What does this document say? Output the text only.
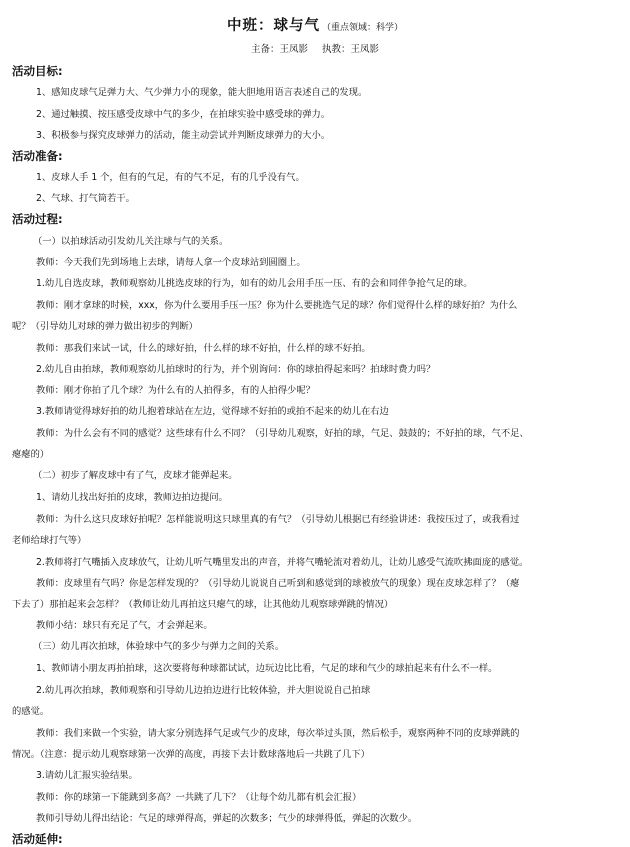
中班：球与气 （重点领域：科学）
主备：王凤影 执教：王凤影
活动目标:
1、感知皮球气足弹力大、气少弹力小的现象，能大胆地用语言表述自己的发现。
2、通过触摸、按压感受皮球中气的多少，在拍球实验中感受球的弹力。
3、积极参与探究皮球弹力的活动，能主动尝试并判断皮球弹力的大小。
活动准备:
1、皮球人手 1 个，但有的气足，有的气不足，有的几乎没有气。
2、气球、打气筒若干。
活动过程:
（一）以拍球活动引发幼儿关注球与气的关系。
教师：今天我们先到场地上去球，请每人拿一个皮球站到圆圈上。
1.幼儿自选皮球，教师观察幼儿挑选皮球的行为，如有的幼儿会用手压一压、有的会和同伴争抢气足的球。
教师：刚才拿球的时候，xxx，你为什么要用手压一压？你为什么要挑选气足的球？你们觉得什么样的球好拍？为什么
呢？（引导幼儿对球的弹力做出初步的判断）
教师：那我们来试一试，什么的球好拍，什么样的球不好拍，什么样的球不好拍。
2.幼儿自由拍球，教师观察幼儿拍球时的行为，并个别询问：你的球拍得起来吗？拍球时费力吗？
教师：刚才你拍了几个球？为什么有的人拍得多，有的人拍得少呢？
3.教师请觉得球好拍的幼儿抱着球站在左边，觉得球不好拍的或拍不起来的幼儿在右边
教师：为什么会有不同的感觉？这些球有什么不同？（引导幼儿观察，好拍的球，气足、鼓鼓的；不好拍的球，气不足、
瘪瘪的）
（二）初步了解皮球中有了气，皮球才能弹起来。
1、请幼儿找出好拍的皮球，教师边拍边提问。
教师：为什么这只皮球好拍呢？怎样能说明这只球里真的有气？（引导幼儿根据已有经验讲述：我按压过了，或我看过
老师给球打气等）
2.教师将打气嘴插入皮球放气，让幼儿听气嘴里发出的声音，并将气嘴轮流对着幼儿，让幼儿感受气流吹拂面庞的感觉。
教师：皮球里有气吗？你是怎样发现的？（引导幼儿说说自己听到和感觉到的球被放气的现象）现在皮球怎样了？（瘪
下去了）那拍起来会怎样？（教师让幼儿再拍这只瘪气的球，让其他幼儿观察球弹跳的情况）
教师小结：球只有充足了气，才会弹起来。
（三）幼儿再次拍球，体验球中气的多少与弹力之间的关系。
1、教师请小朋友再拍拍球，这次要将每种球都试试，边玩边比比看，气足的球和气少的球拍起来有什么不一样。
2.幼儿再次拍球，教师观察和引导幼儿边拍边进行比较体验，并大胆说说自己拍球
的感觉。
教师：我们来做一个实验，请大家分别选择气足或气少的皮球，每次举过头顶，然后松手，观察两种不同的皮球弹跳的
情况。（注意：提示幼儿观察球第一次弹的高度，再接下去计数球落地后一共跳了几下）
3.请幼儿汇报实验结果。
教师：你的球第一下能跳到多高？一共跳了几下？（让每个幼儿都有机会汇报）
教师引导幼儿得出结论：气足的球弹得高，弹起的次数多；气少的球弹得低，弹起的次数少。
活动延伸:
